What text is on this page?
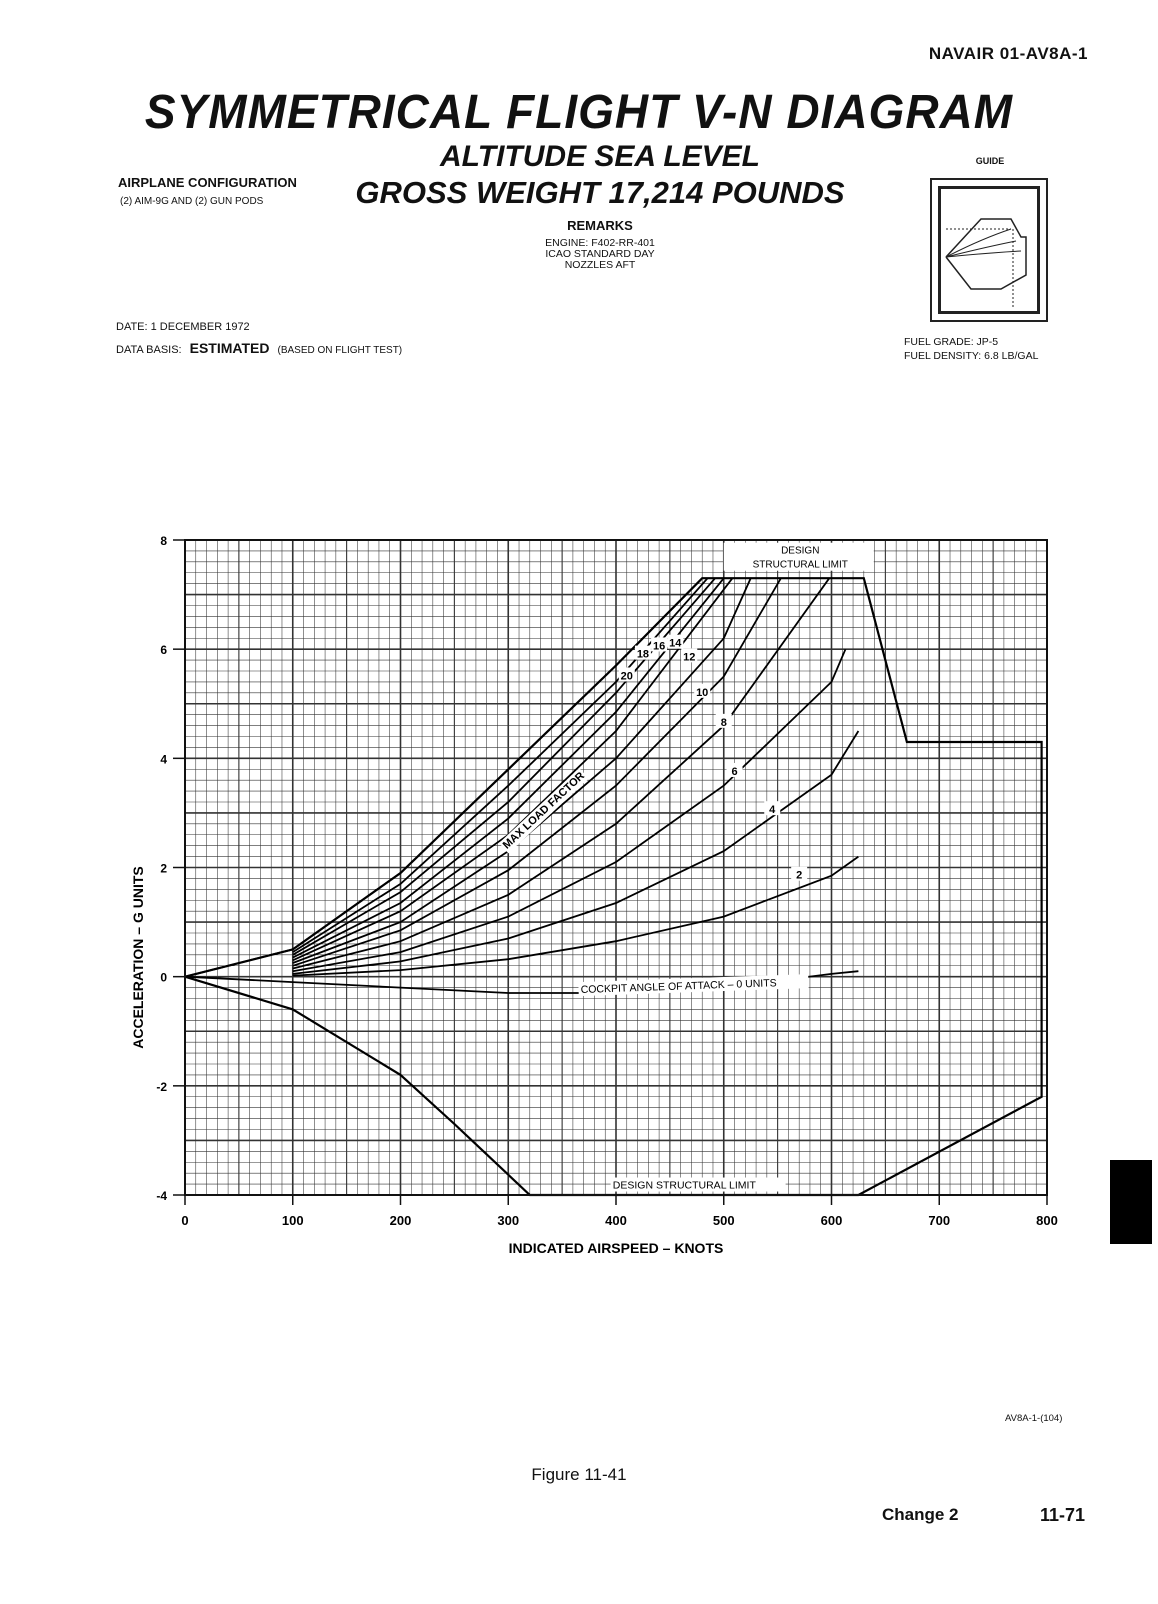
NAVAIR 01-AV8A-1
SYMMETRICAL FLIGHT V-N DIAGRAM
ALTITUDE SEA LEVEL
GROSS WEIGHT 17,214 POUNDS
AIRPLANE CONFIGURATION
(2) AIM-9G AND (2) GUN PODS
REMARKS
ENGINE: F402-RR-401
ICAO STANDARD DAY
NOZZLES AFT
GUIDE
DATE: 1 DECEMBER 1972
DATA BASIS: ESTIMATED (BASED ON FLIGHT TEST)
FUEL GRADE: JP-5
FUEL DENSITY: 6.8 LB/GAL
0	100	200	300	400	500	600	700	800
-4
-2
0
2
4
6
8
INDICATED AIRSPEED – KNOTS
ACCELERATION – G UNITS
20
18
16 14
12
10
8
6
4
2
MAX LOAD FACTOR
DESIGN
STRUCTURAL LIMIT
COCKPIT ANGLE OF ATTACK – 0 UNITS
DESIGN STRUCTURAL LIMIT
AV8A-1-(104)
Figure 11-41
Change 2	11-71
